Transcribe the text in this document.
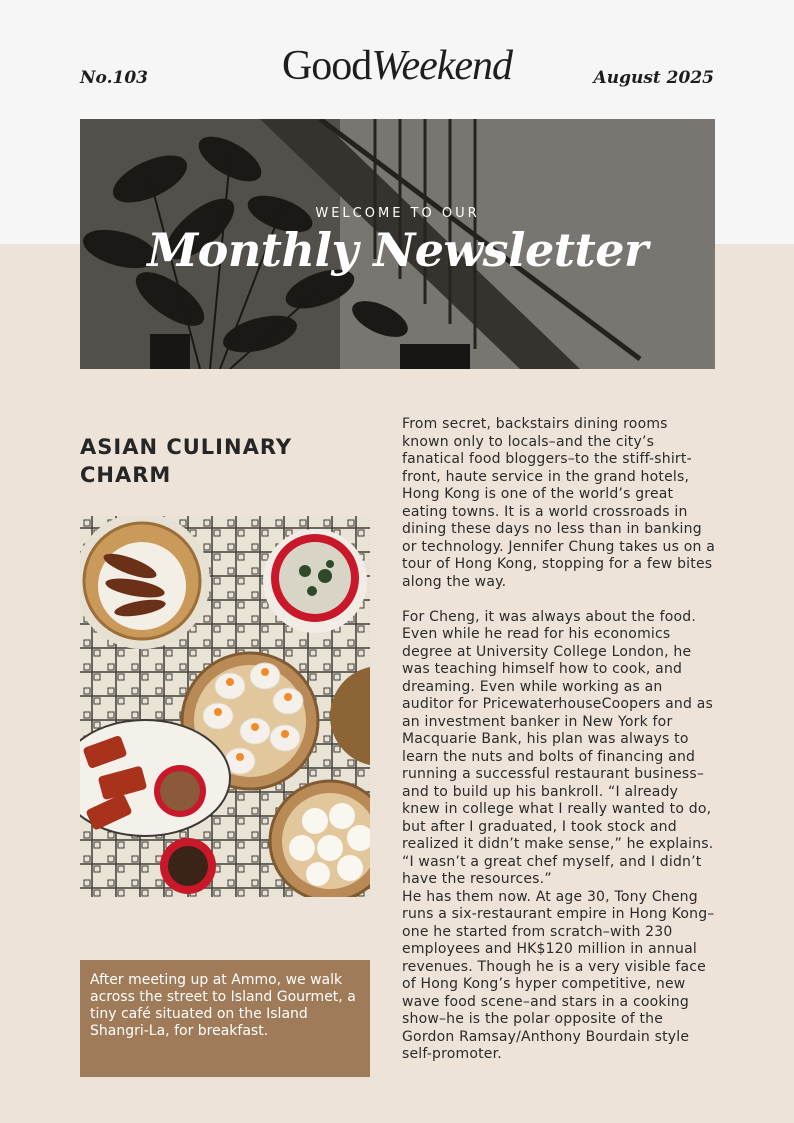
No.103	GoodWeekend	August 2025
WELCOME TO OUR
Monthly Newsletter
ASIAN CULINARY CHARM
After meeting up at Ammo, we walk across the street to Island Gourmet, a tiny café situated on the Island Shangri-La, for breakfast.

From secret, backstairs dining rooms known only to locals–and the city’s fanatical food bloggers–to the stiff-shirt-front, haute service in the grand hotels, Hong Kong is one of the world’s great eating towns. It is a world crossroads in dining these days no less than in banking or technology. Jennifer Chung takes us on a tour of Hong Kong, stopping for a few bites along the way.

For Cheng, it was always about the food. Even while he read for his economics degree at University College London, he was teaching himself how to cook, and dreaming. Even while working as an auditor for PricewaterhouseCoopers and as an investment banker in New York for Macquarie Bank, his plan was always to learn the nuts and bolts of financing and running a successful restaurant business–and to build up his bankroll. “I already knew in college what I really wanted to do, but after I graduated, I took stock and realized it didn’t make sense,” he explains. “I wasn’t a great chef myself, and I didn’t have the resources.”

He has them now. At age 30, Tony Cheng runs a six-restaurant empire in Hong Kong–one he started from scratch–with 230 employees and HK$120 million in annual revenues. Though he is a very visible face of Hong Kong’s hyper competitive, new wave food scene–and stars in a cooking show–he is the polar opposite of the Gordon Ramsay/Anthony Bourdain style self-promoter.
